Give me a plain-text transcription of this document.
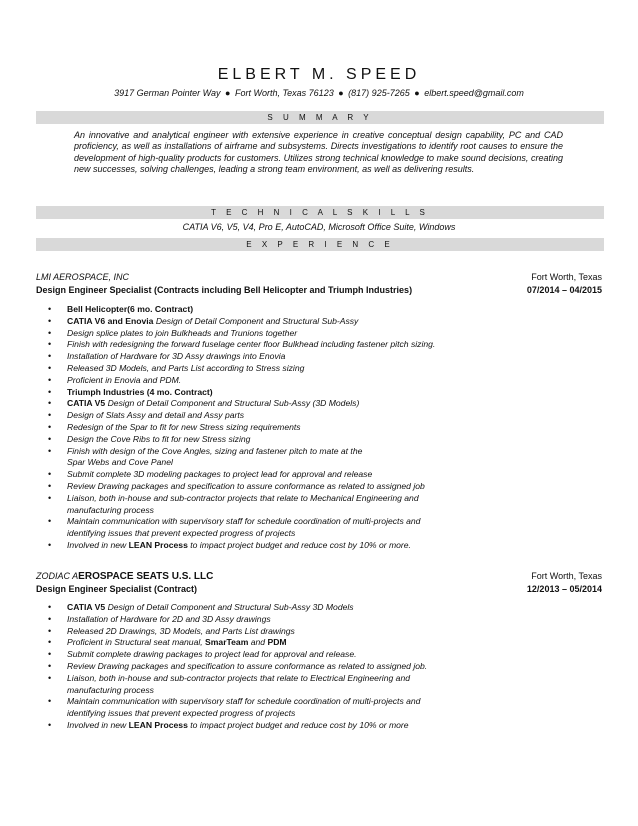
ELBERT M. SPEED
3917 German Pointer Way ● Fort Worth, Texas 76123 ● (817) 925-7265 ● elbert.speed@gmail.com
S U M M A R Y
An innovative and analytical engineer with extensive experience in creative conceptual design capability, PC and CAD proficiency, as well as installations of airframe and subsystems. Directs investigations to identify root causes to ensure the development of high-quality products for customers. Utilizes strong technical knowledge to make sound decisions, creating new successes, solving challenges, leading a strong team environment, as well as delivering results.
T E C H N I C A L S K I L L S
CATIA V6, V5, V4, Pro E, AutoCAD, Microsoft Office Suite, Windows
E X P E R I E N C E
LMI AEROSPACE, INC	Fort Worth, Texas
Design Engineer Specialist (Contracts including Bell Helicopter and Triumph Industries)	07/2014 – 04/2015
• Bell Helicopter(6 mo. Contract)
• CATIA V6 and Enovia Design of Detail Component and Structural Sub-Assy
• Design splice plates to join Bulkheads and Trunions together
• Finish with redesigning the forward fuselage center floor Bulkhead including fastener pitch sizing.
• Installation of Hardware for 3D Assy drawings into Enovia
• Released 3D Models, and Parts List according to Stress sizing
• Proficient in Enovia and PDM.
• Triumph Industries (4 mo. Contract)
• CATIA V5 Design of Detail Component and Structural Sub-Assy (3D Models)
• Design of Slats Assy and detail and Assy parts
• Redesign of the Spar to fit for new Stress sizing requirements
• Design the Cove Ribs to fit for new Stress sizing
• Finish with design of the Cove Angles, sizing and fastener pitch to mate at the
Spar Webs and Cove Panel
• Submit complete 3D modeling packages to project lead for approval and release
• Review Drawing packages and specification to assure conformance as related to assigned job
• Liaison, both in-house and sub-contractor projects that relate to Mechanical Engineering and
manufacturing process
• Maintain communication with supervisory staff for schedule coordination of multi-projects and
identifying issues that prevent expected progress of projects
• Involved in new LEAN Process to impact project budget and reduce cost by 10% or more.
ZODIAC AEROSPACE SEATS U.S. LLC	Fort Worth, Texas
Design Engineer Specialist (Contract)	12/2013 – 05/2014
• CATIA V5 Design of Detail Component and Structural Sub-Assy 3D Models
• Installation of Hardware for 2D and 3D Assy drawings
• Released 2D Drawings, 3D Models, and Parts List drawings
• Proficient in Structural seat manual, SmarTeam and PDM
• Submit complete drawing packages to project lead for approval and release.
• Review Drawing packages and specification to assure conformance as related to assigned job.
• Liaison, both in-house and sub-contractor projects that relate to Electrical Engineering and
manufacturing process
• Maintain communication with supervisory staff for schedule coordination of multi-projects and
identifying issues that prevent expected progress of projects
• Involved in new LEAN Process to impact project budget and reduce cost by 10% or more
